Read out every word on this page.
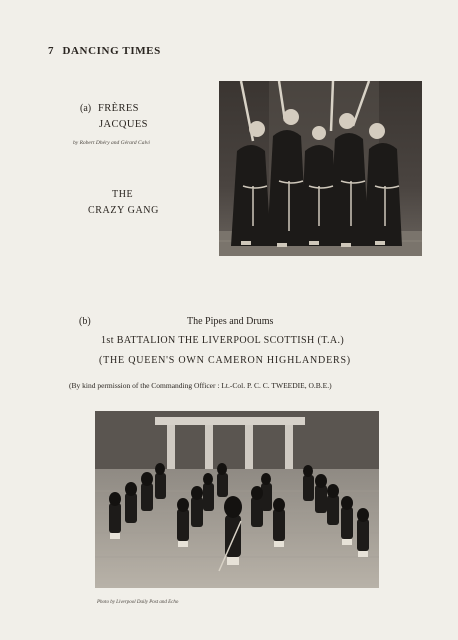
7 DANCING TIMES
(a) FRÈRES
JACQUES
by Robert Dhéry and Gérard Calvi
THE
CRAZY GANG
(b)	The Pipes and Drums
1st BATTALION THE LIVERPOOL SCOTTISH (T.A.)
(THE QUEEN'S OWN CAMERON HIGHLANDERS)
(By kind permission of the Commanding Officer : Lt.-Col. P. C. C. TWEEDIE, O.B.E.)
Photo by Liverpool Daily Post and Echo
